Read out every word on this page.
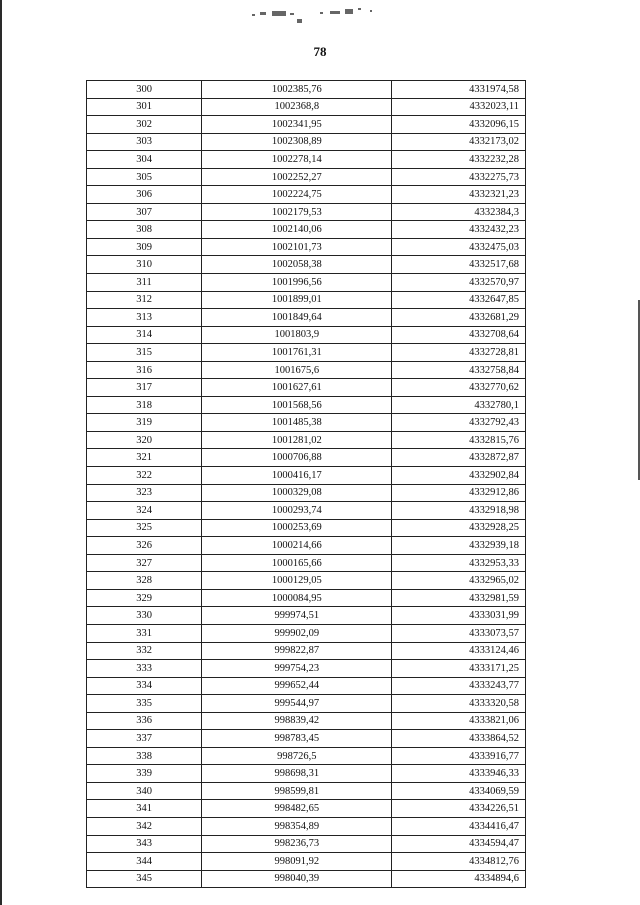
78
300	1002385,76	4331974,58
301	1002368,8	4332023,11
302	1002341,95	4332096,15
303	1002308,89	4332173,02
304	1002278,14	4332232,28
305	1002252,27	4332275,73
306	1002224,75	4332321,23
307	1002179,53	4332384,3
308	1002140,06	4332432,23
309	1002101,73	4332475,03
310	1002058,38	4332517,68
311	1001996,56	4332570,97
312	1001899,01	4332647,85
313	1001849,64	4332681,29
314	1001803,9	4332708,64
315	1001761,31	4332728,81
316	1001675,6	4332758,84
317	1001627,61	4332770,62
318	1001568,56	4332780,1
319	1001485,38	4332792,43
320	1001281,02	4332815,76
321	1000706,88	4332872,87
322	1000416,17	4332902,84
323	1000329,08	4332912,86
324	1000293,74	4332918,98
325	1000253,69	4332928,25
326	1000214,66	4332939,18
327	1000165,66	4332953,33
328	1000129,05	4332965,02
329	1000084,95	4332981,59
330	999974,51	4333031,99
331	999902,09	4333073,57
332	999822,87	4333124,46
333	999754,23	4333171,25
334	999652,44	4333243,77
335	999544,97	4333320,58
336	998839,42	4333821,06
337	998783,45	4333864,52
338	998726,5	4333916,77
339	998698,31	4333946,33
340	998599,81	4334069,59
341	998482,65	4334226,51
342	998354,89	4334416,47
343	998236,73	4334594,47
344	998091,92	4334812,76
345	998040,39	4334894,6
